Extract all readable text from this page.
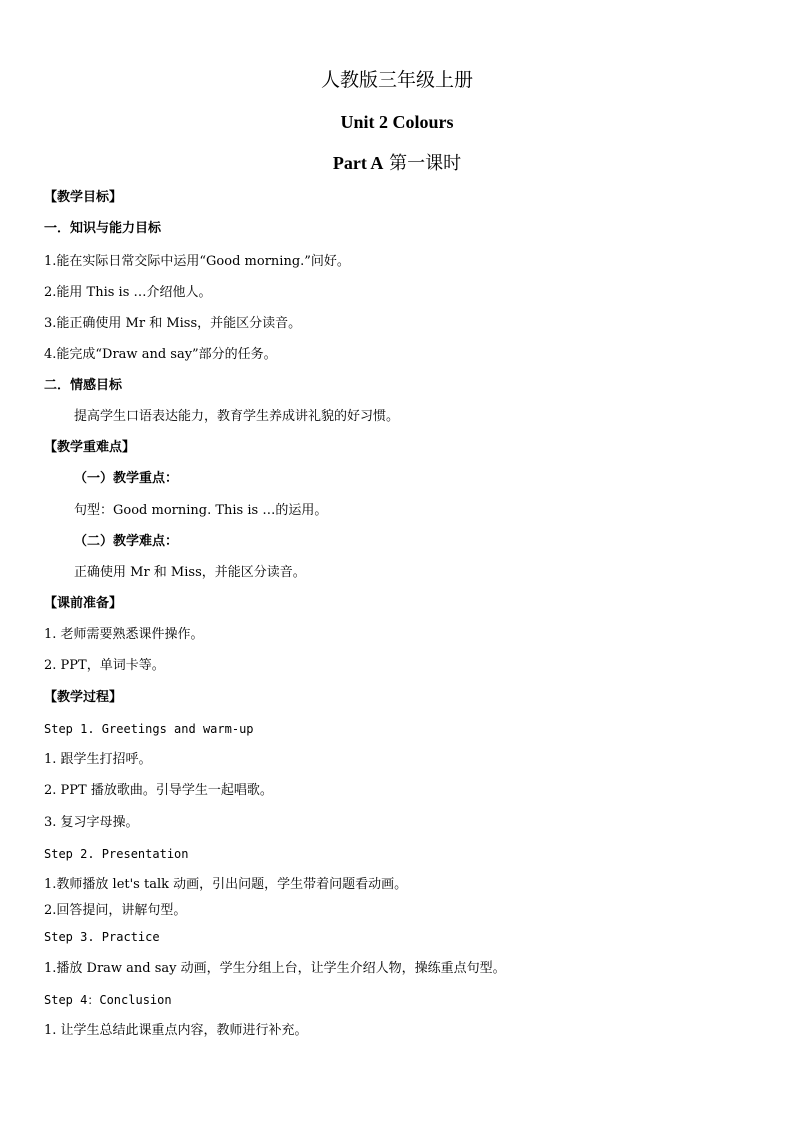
人教版三年级上册
Unit 2 Colours
Part A 第一课时
【教学目标】
一．知识与能力目标
1.能在实际日常交际中运用“Good morning.”问好。
2.能用 This is …介绍他人。
3.能正确使用 Mr 和 Miss，并能区分读音。
4.能完成“Draw and say”部分的任务。
二．情感目标
提高学生口语表达能力，教育学生养成讲礼貌的好习惯。
【教学重难点】
（一）教学重点：
句型：Good morning. This is …的运用。
（二）教学难点：
正确使用 Mr 和 Miss，并能区分读音。
【课前准备】
1. 老师需要熟悉课件操作。
2. PPT，单词卡等。
【教学过程】
Step 1. Greetings and warm-up
1. 跟学生打招呼。
2. PPT 播放歌曲。引导学生一起唱歌。
3. 复习字母操。
Step 2. Presentation
1.教师播放 let's talk 动画，引出问题，学生带着问题看动画。
2.回答提问，讲解句型。
Step 3. Practice
1.播放 Draw and say 动画，学生分组上台，让学生介绍人物，操练重点句型。
Step 4：Conclusion
1. 让学生总结此课重点内容，教师进行补充。
